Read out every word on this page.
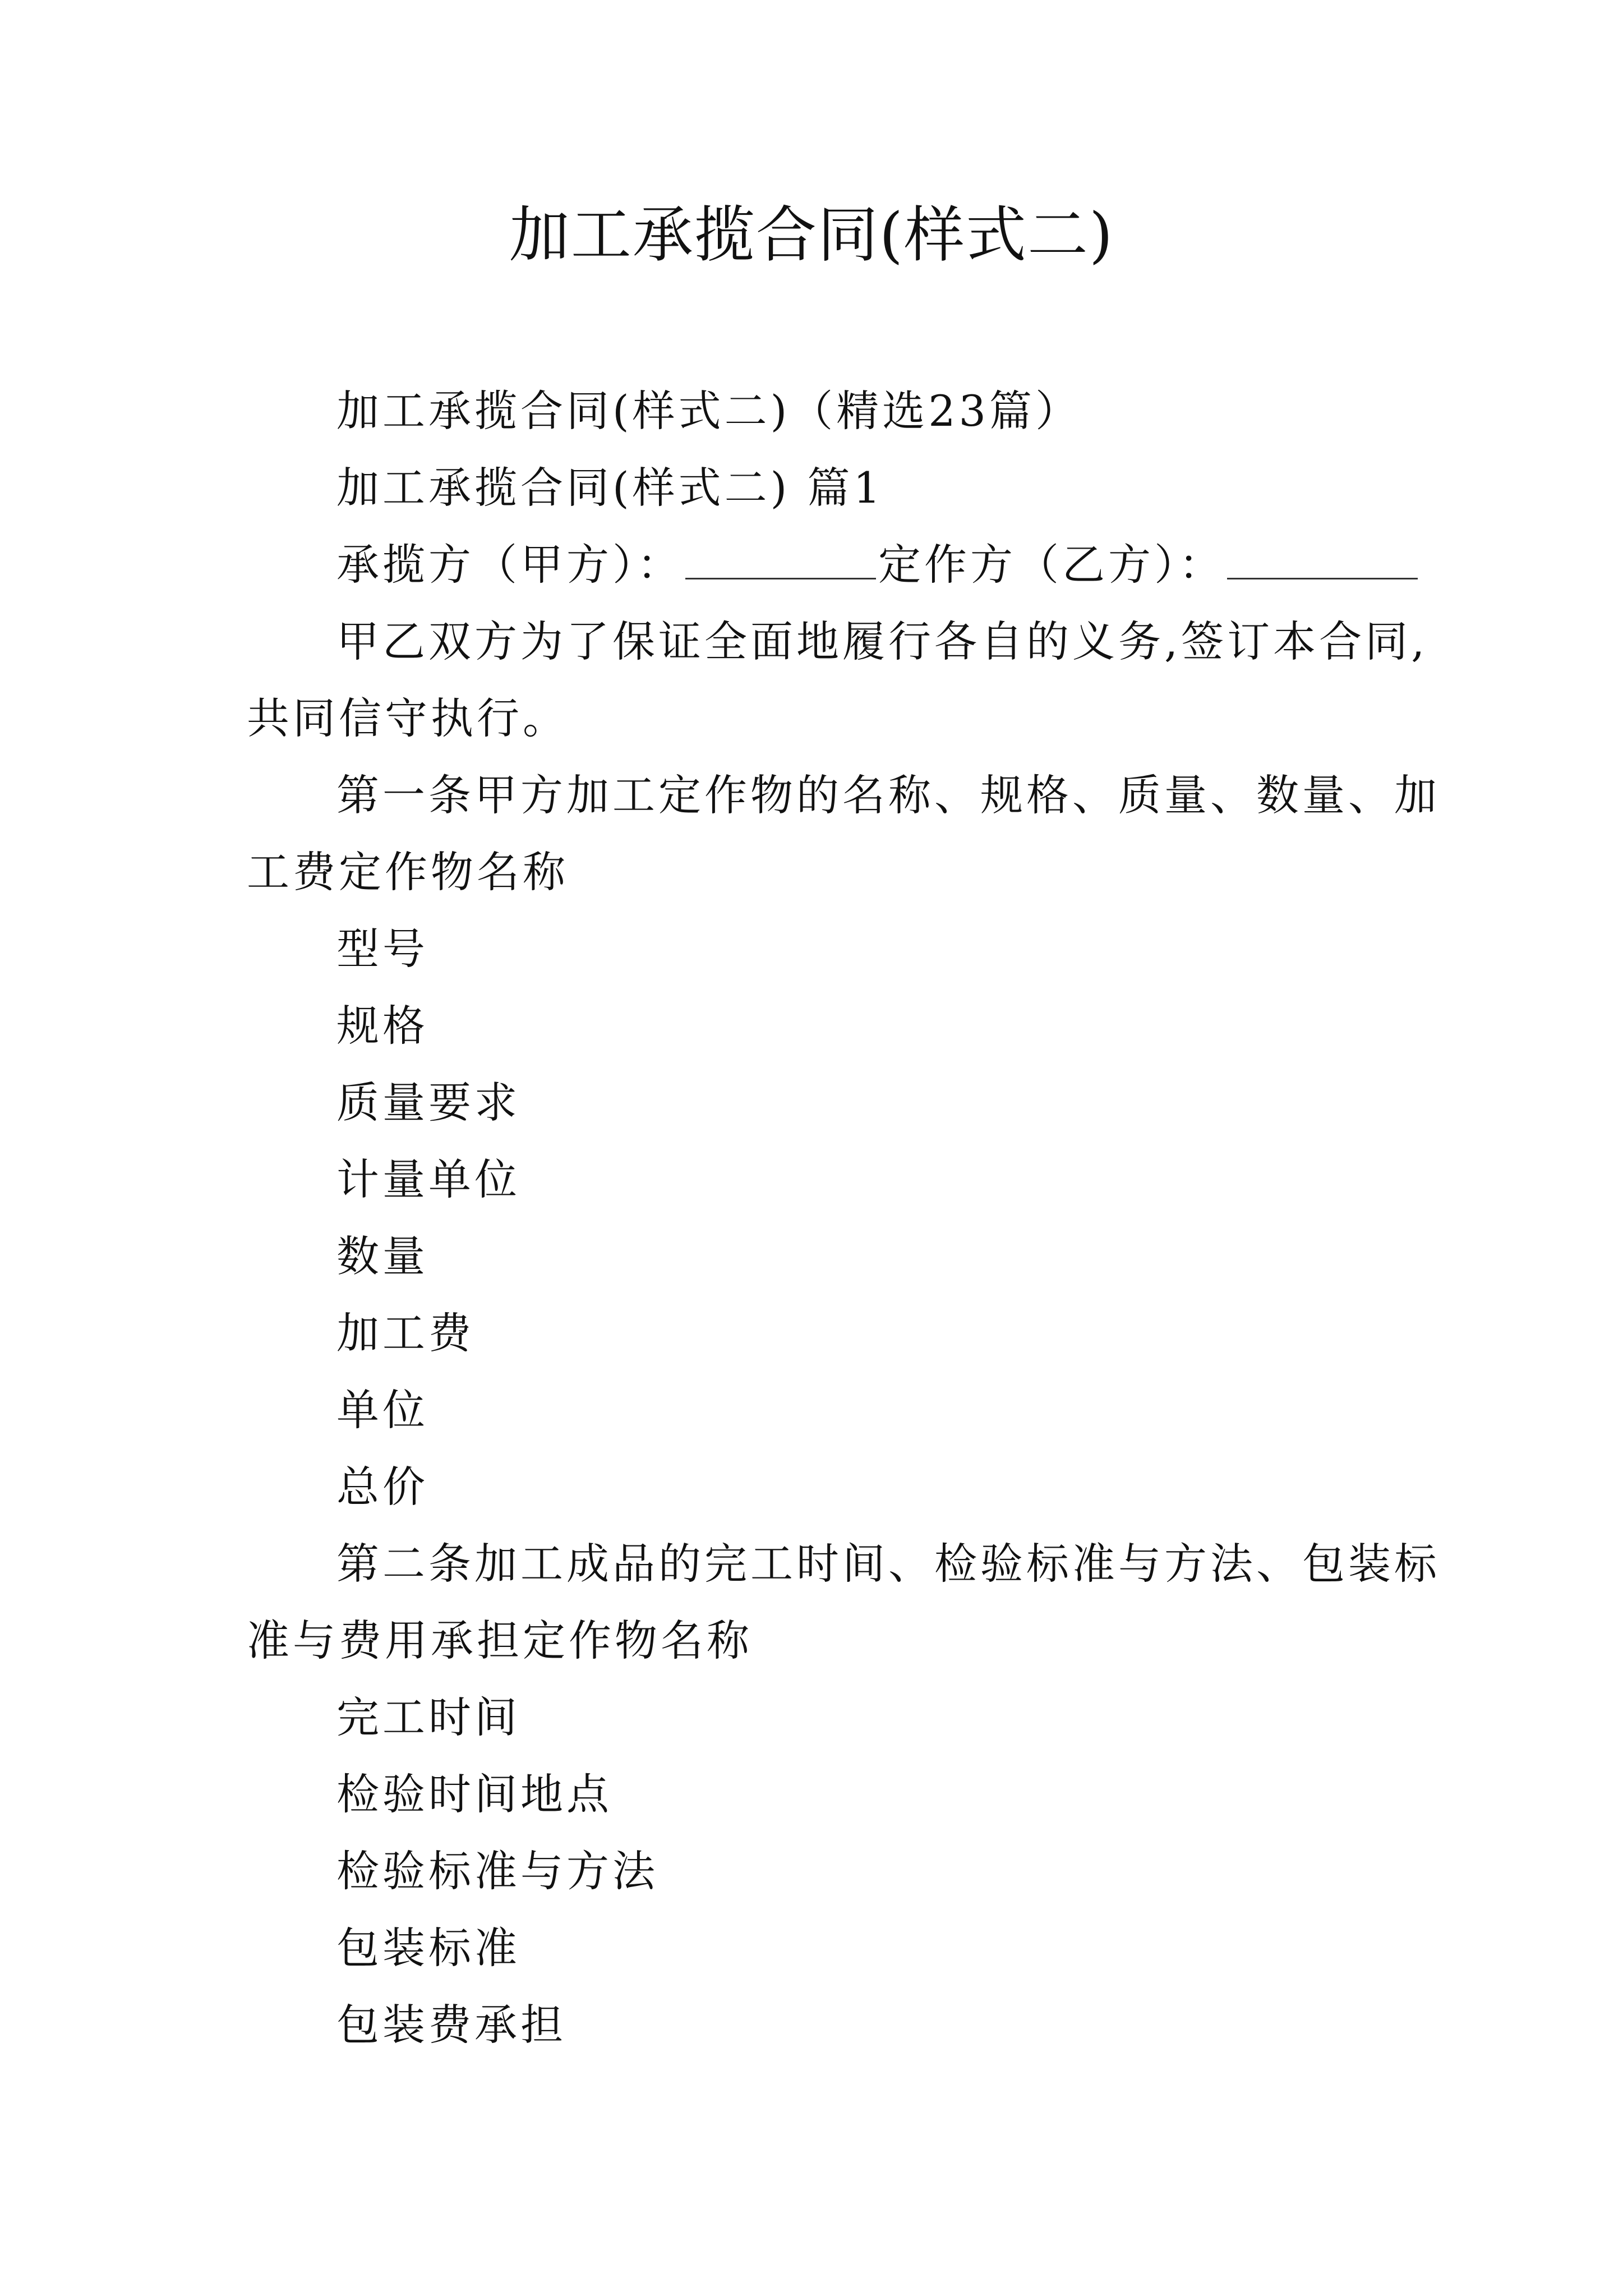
加工承揽合同(样式二)
加工承揽合同(样式二)（精选23篇）
加工承揽合同(样式二) 篇1
承揽方（甲方）：	定作方（乙方）：
甲乙双方为了保证全面地履行各自的义务,签订本合同,
共同信守执行。
第一条甲方加工定作物的名称、规格、质量、数量、加
工费定作物名称
型号
规格
质量要求
计量单位
数量
加工费
单位
总价
第二条加工成品的完工时间、检验标准与方法、包装标
准与费用承担定作物名称
完工时间
检验时间地点
检验标准与方法
包装标准
包装费承担
